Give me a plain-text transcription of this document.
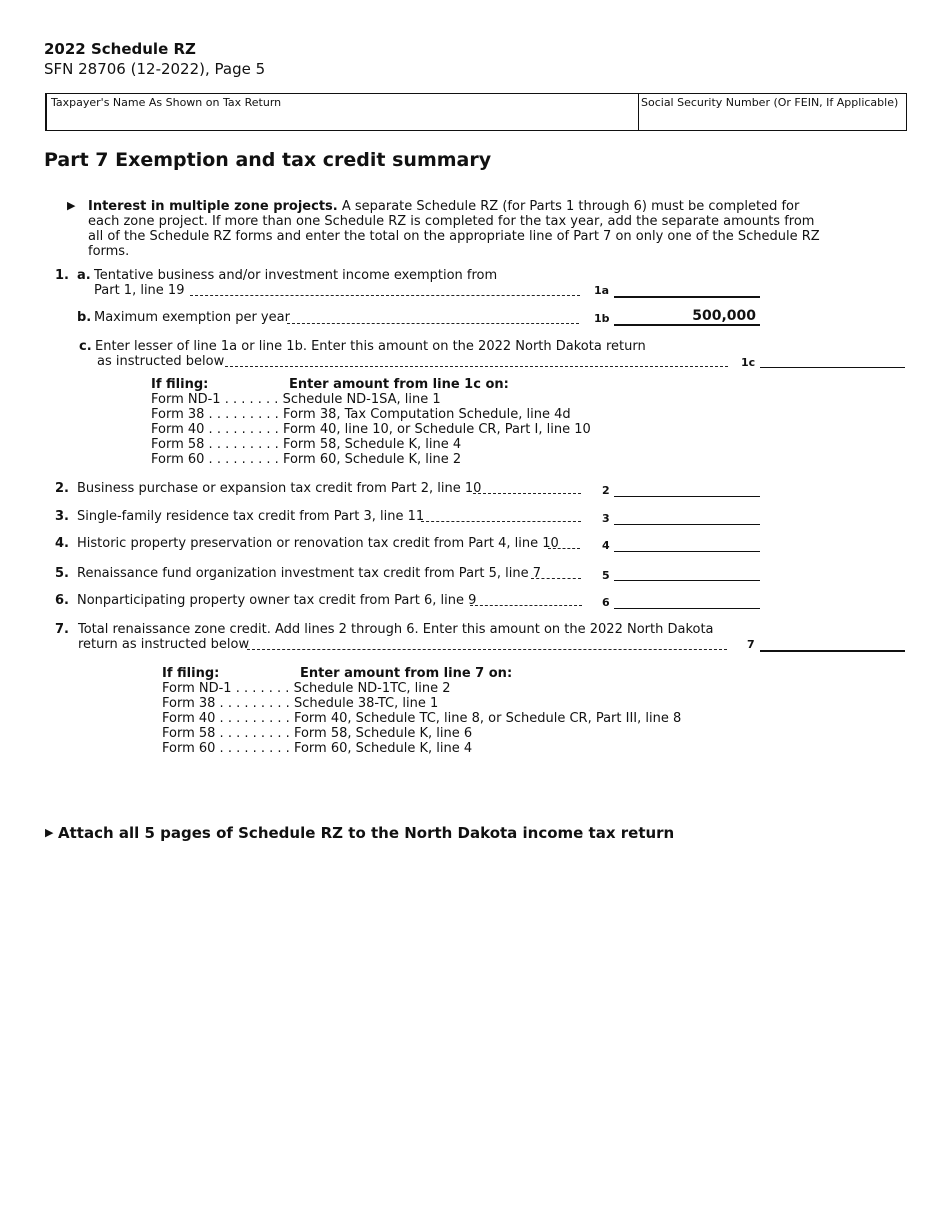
2022 Schedule RZ
SFN 28706 (12-2022), Page 5
Taxpayer's Name As Shown on Tax Return	Social Security Number (Or FEIN, If Applicable)
Part 7 Exemption and tax credit summary
▶ Interest in multiple zone projects. A separate Schedule RZ (for Parts 1 through 6) must be completed for each zone project. If more than one Schedule RZ is completed for the tax year, add the separate amounts from all of the Schedule RZ forms and enter the total on the appropriate line of Part 7 on only one of the Schedule RZ forms.
1. a. Tentative business and/or investment income exemption from
Part 1, line 19	1a
b. Maximum exemption per year	1b	500,000
c. Enter lesser of line 1a or line 1b. Enter this amount on the 2022 North Dakota return
as instructed below	1c
If filing:	Enter amount from line 1c on:
Form ND-1 . . . . . . . Schedule ND-1SA, line 1
Form 38 . . . . . . . . . Form 38, Tax Computation Schedule, line 4d
Form 40 . . . . . . . . . Form 40, line 10, or Schedule CR, Part I, line 10
Form 58 . . . . . . . . . Form 58, Schedule K, line 4
Form 60 . . . . . . . . . Form 60, Schedule K, line 2
2. Business purchase or expansion tax credit from Part 2, line 10	2
3. Single-family residence tax credit from Part 3, line 11	3
4. Historic property preservation or renovation tax credit from Part 4, line 10	4
5. Renaissance fund organization investment tax credit from Part 5, line 7	5
6. Nonparticipating property owner tax credit from Part 6, line 9	6
7. Total renaissance zone credit. Add lines 2 through 6. Enter this amount on the 2022 North Dakota
return as instructed below	7
If filing:	Enter amount from line 7 on:
Form ND-1 . . . . . . . Schedule ND-1TC, line 2
Form 38 . . . . . . . . . Schedule 38-TC, line 1
Form 40 . . . . . . . . . Form 40, Schedule TC, line 8, or Schedule CR, Part III, line 8
Form 58 . . . . . . . . . Form 58, Schedule K, line 6
Form 60 . . . . . . . . . Form 60, Schedule K, line 4
▶ Attach all 5 pages of Schedule RZ to the North Dakota income tax return
